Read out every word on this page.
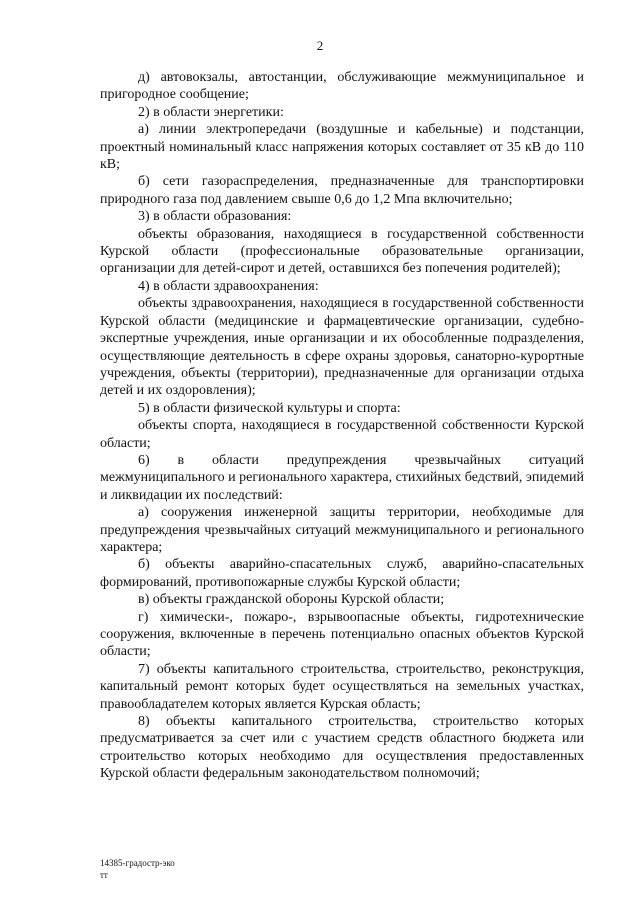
2

д) автовокзалы, автостанции, обслуживающие межмуниципальное и пригородное сообщение;

2) в области энергетики:

а) линии электропередачи (воздушные и кабельные) и подстанции, проектный номинальный класс напряжения которых составляет от 35 кВ до 110 кВ;

б) сети газораспределения, предназначенные для транспортировки природного газа под давлением свыше 0,6 до 1,2 Мпа включительно;

3) в области образования:

объекты образования, находящиеся в государственной собственности Курской области (профессиональные образовательные организации, организации для детей-сирот и детей, оставшихся без попечения родителей);

4) в области здравоохранения:

объекты здравоохранения, находящиеся в государственной собственности Курской области (медицинские и фармацевтические организации, судебно-экспертные учреждения, иные организации и их обособленные подразделения, осуществляющие деятельность в сфере охраны здоровья, санаторно-курортные учреждения, объекты (территории), предназначенные для организации отдыха детей и их оздоровления);

5) в области физической культуры и спорта:

объекты спорта, находящиеся в государственной собственности Курской области;

6) в области предупреждения чрезвычайных ситуаций межмуниципального и регионального характера, стихийных бедствий, эпидемий и ликвидации их последствий:

а) сооружения инженерной защиты территории, необходимые для предупреждения чрезвычайных ситуаций межмуниципального и регионального характера;

б) объекты аварийно-спасательных служб, аварийно-спасательных формирований, противопожарные службы Курской области;

в) объекты гражданской обороны Курской области;

г) химически-, пожаро-, взрывоопасные объекты, гидротехнические сооружения, включенные в перечень потенциально опасных объектов Курской области;

7) объекты капитального строительства, строительство, реконструкция, капитальный ремонт которых будет осуществляться на земельных участках, правообладателем которых является Курская область;

8) объекты капитального строительства, строительство которых предусматривается за счет или с участием средств областного бюджета или строительство которых необходимо для осуществления предоставленных Курской области федеральным законодательством полномочий;

14385-градостр-эко
тт
